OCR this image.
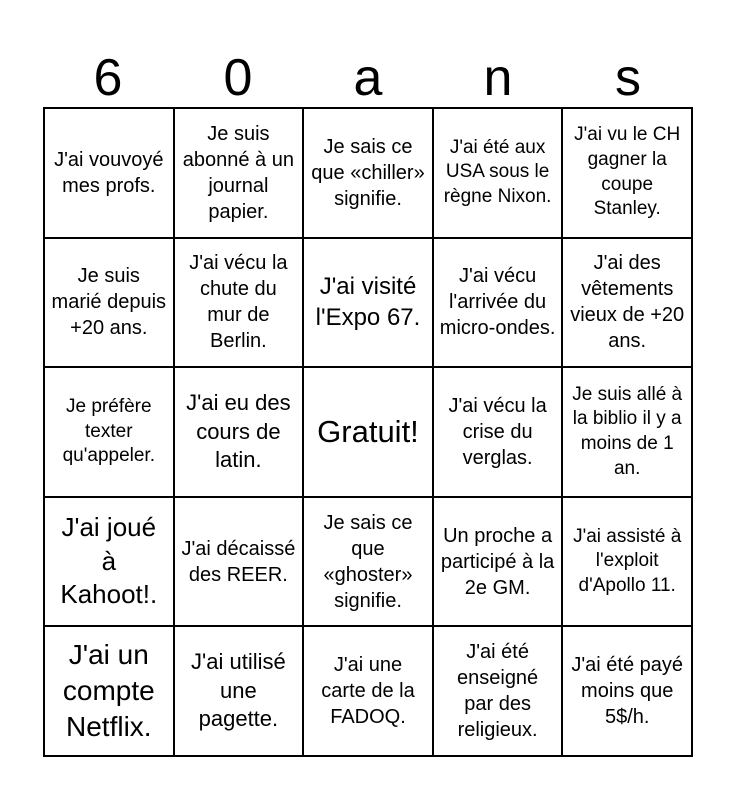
6	0	a	n	s
J'ai vouvoyé mes profs.
Je suis abonné à un journal papier.
Je sais ce que «chiller» signifie.
J'ai été aux USA sous le règne Nixon.
J'ai vu le CH gagner la coupe Stanley.
Je suis marié depuis +20 ans.
J'ai vécu la chute du mur de Berlin.
J'ai visité l'Expo 67.
J'ai vécu l'arrivée du micro-ondes.
J'ai des vêtements vieux de +20 ans.
Je préfère texter qu'appeler.
J'ai eu des cours de latin.
Gratuit!
J'ai vécu la crise du verglas.
Je suis allé à la biblio il y a moins de 1 an.
J'ai joué à Kahoot!.
J'ai décaissé des REER.
Je sais ce que «ghoster» signifie.
Un proche a participé à la 2e GM.
J'ai assisté à l'exploit d'Apollo 11.
J'ai un compte Netflix.
J'ai utilisé une pagette.
J'ai une carte de la FADOQ.
J'ai été enseigné par des religieux.
J'ai été payé moins que 5$/h.
